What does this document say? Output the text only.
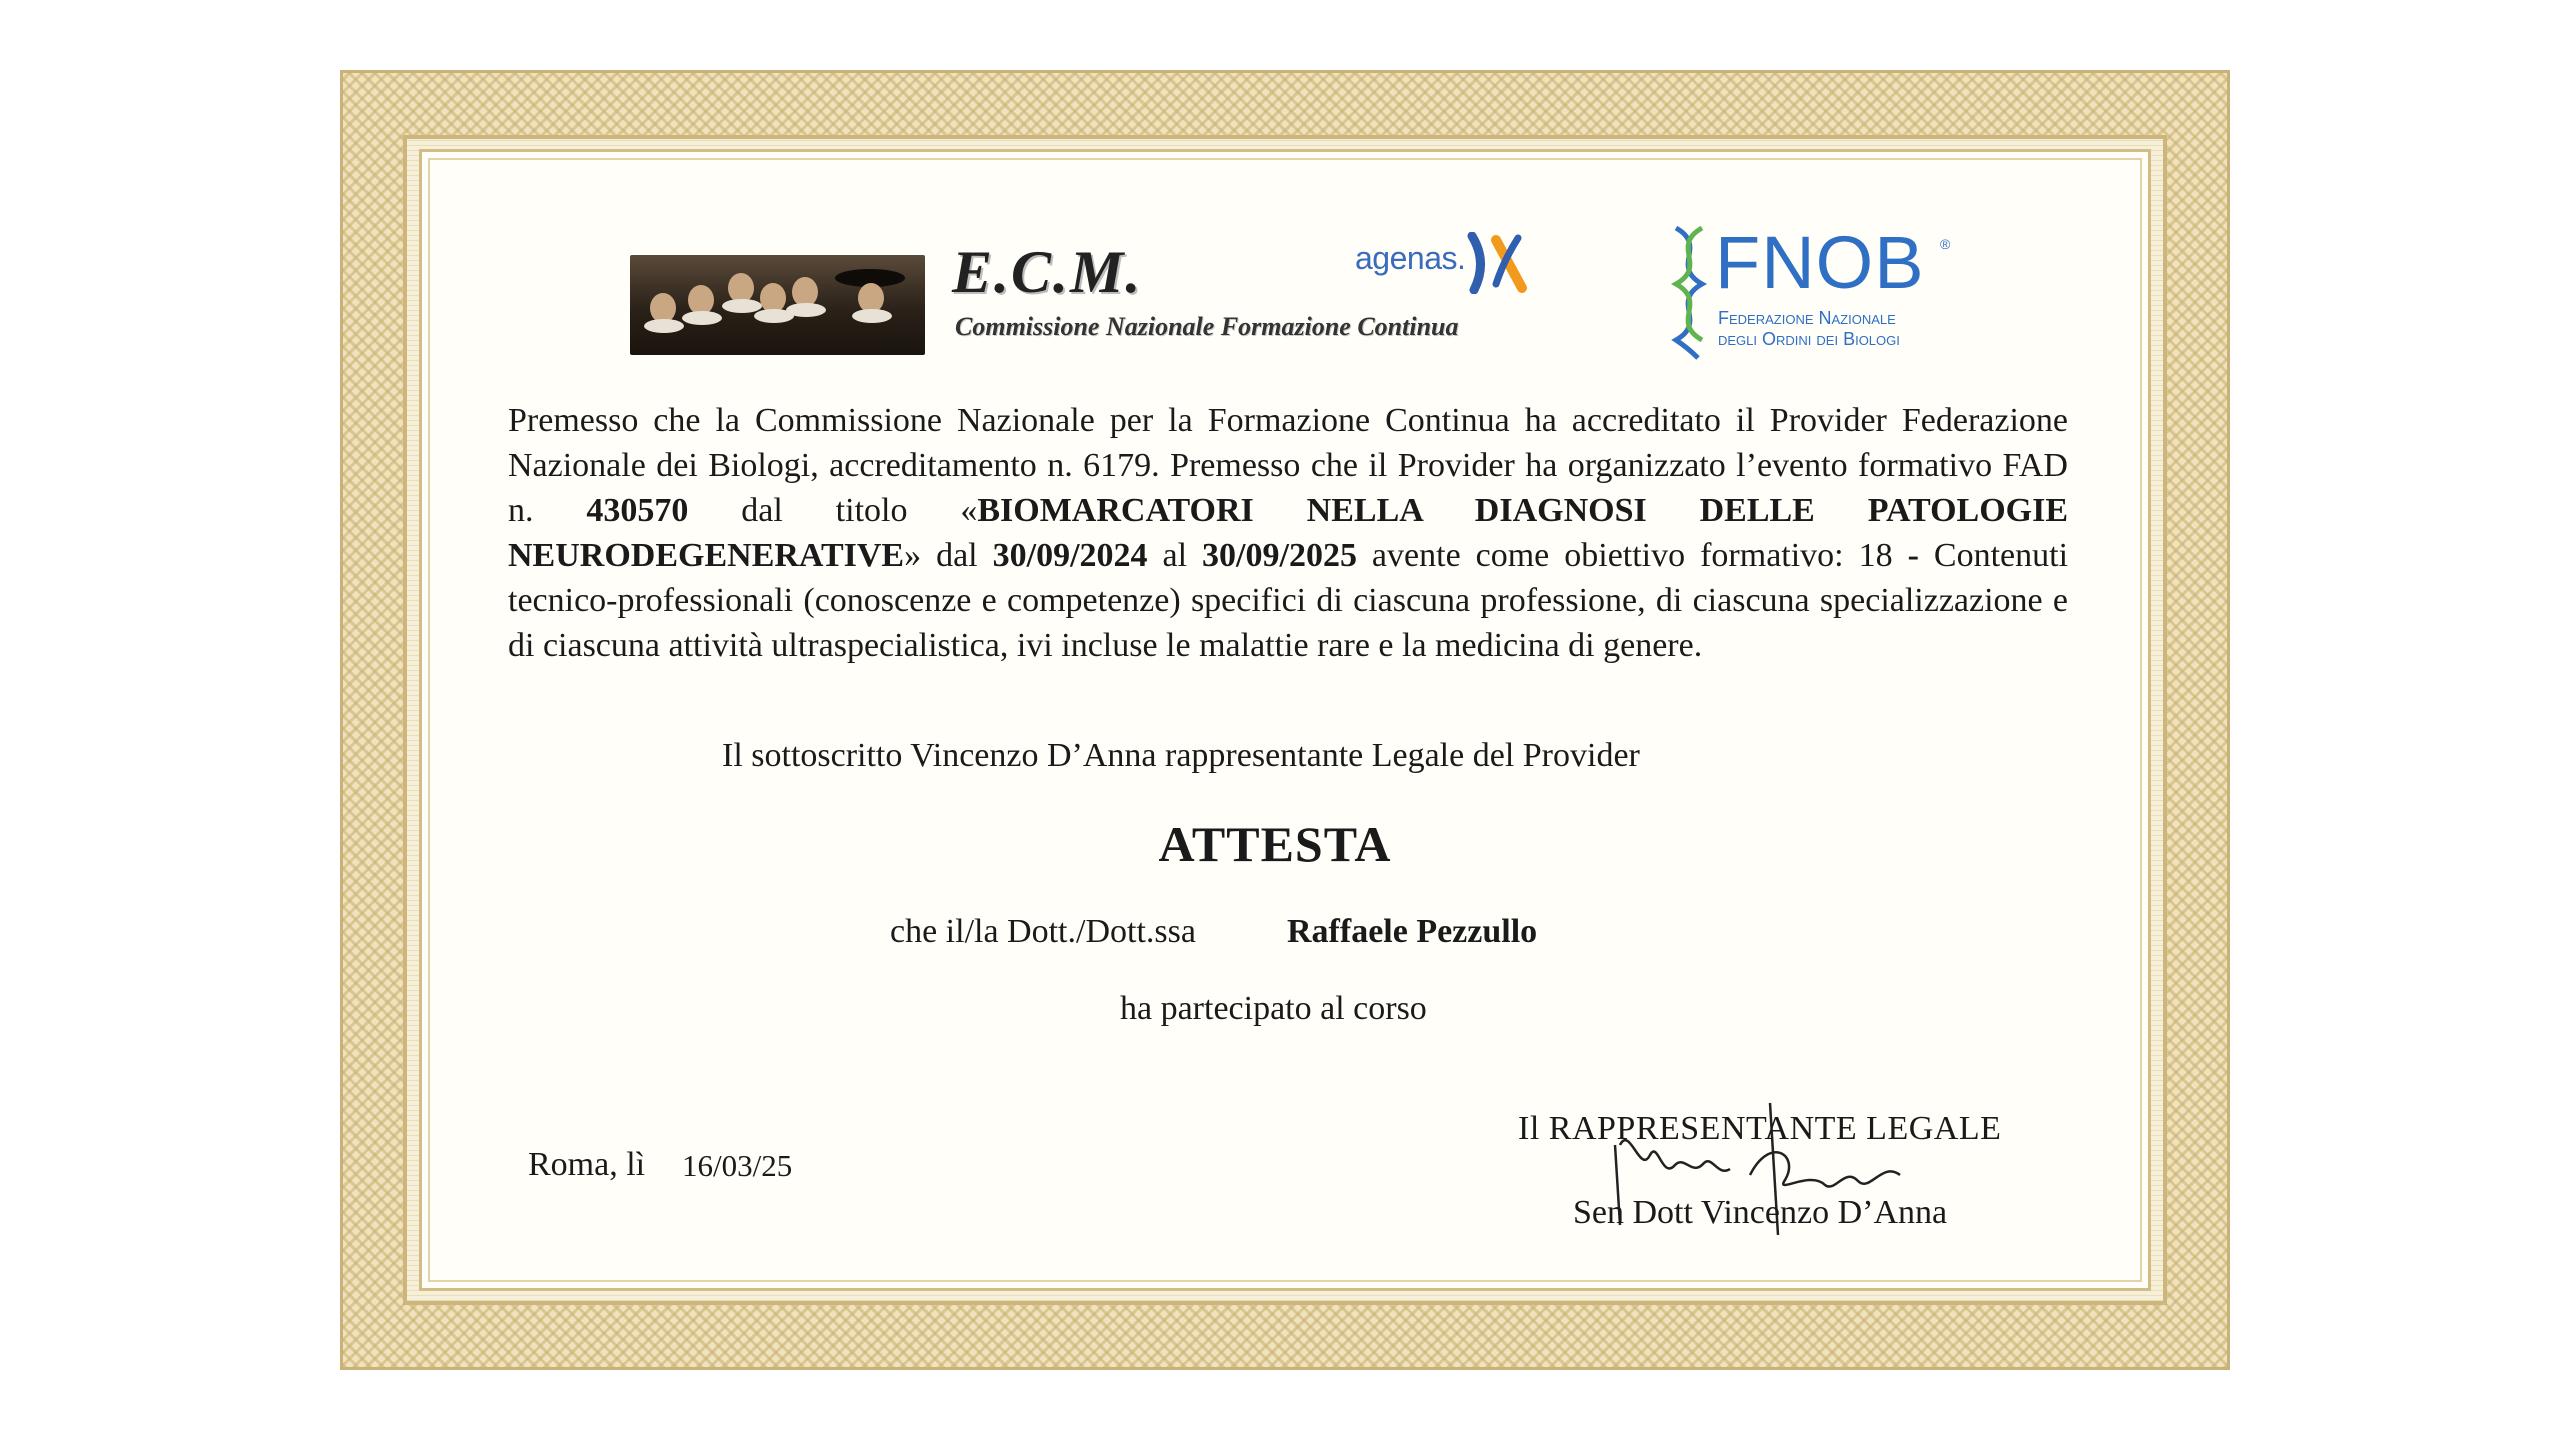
E.C.M.
Commissione Nazionale Formazione Continua
agenas.	FNOB ®
Federazione Nazionale
degli Ordini dei Biologi
Premesso che la Commissione Nazionale per la Formazione Continua ha accreditato il Provider Federazione Nazionale dei Biologi, accreditamento n. 6179. Premesso che il Provider ha organizzato l’evento formativo FAD n. 430570 dal titolo «BIOMARCATORI NELLA DIAGNOSI DELLE PATOLOGIE NEURODEGENERATIVE» dal 30/09/2024 al 30/09/2025 avente come obiettivo formativo: 18 - Contenuti tecnico-professionali (conoscenze e competenze) specifici di ciascuna professione, di ciascuna specializzazione e di ciascuna attività ultraspecialistica, ivi incluse le malattie rare e la medicina di genere.
Il sottoscritto Vincenzo D’Anna rappresentante Legale del Provider
ATTESTA
che il/la Dott./Dott.ssa	Raffaele Pezzullo
ha partecipato al corso
Roma, lì 16/03/25
Il RAPPRESENTANTE LEGALE
Sen Dott Vincenzo D’Anna
